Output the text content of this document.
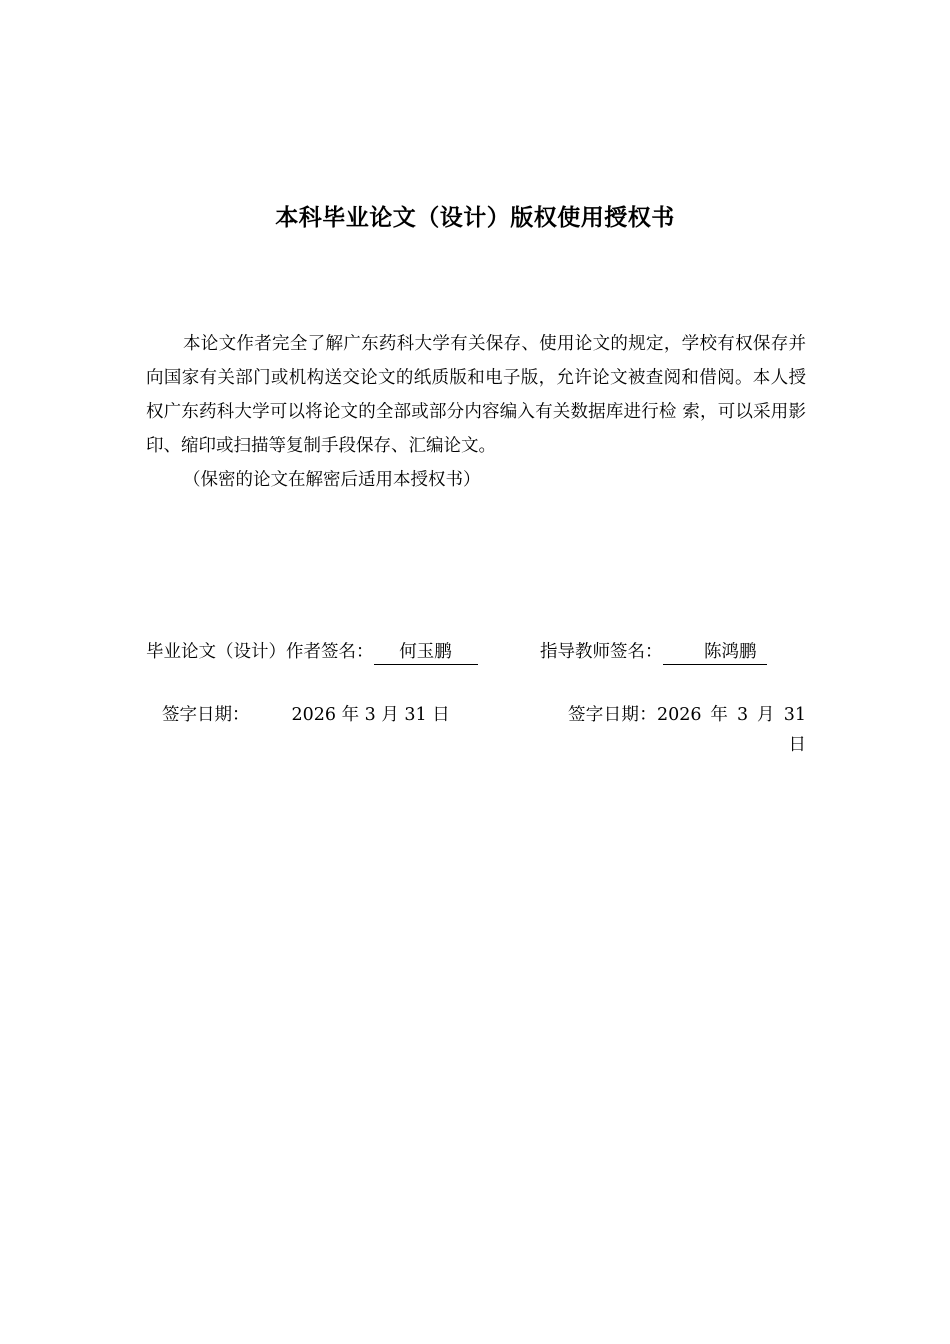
本科毕业论文（设计）版权使用授权书

本论文作者完全了解广东药科大学有关保存、使用论文的规定，学校有权保存并向国家有关部门或机构送交论文的纸质版和电子版，允许论文被查阅和借阅。本人授权广东药科大学可以将论文的全部或部分内容编入有关数据库进行检 索，可以采用影印、缩印或扫描等复制手段保存、汇编论文。

（保密的论文在解密后适用本授权书）

毕业论文（设计）作者签名： 何玉鹏	指导教师签名： 陈鸿鹏
签字日期： 2026 年 3 月 31 日	签字日期：2026 年 3 月 31 日
